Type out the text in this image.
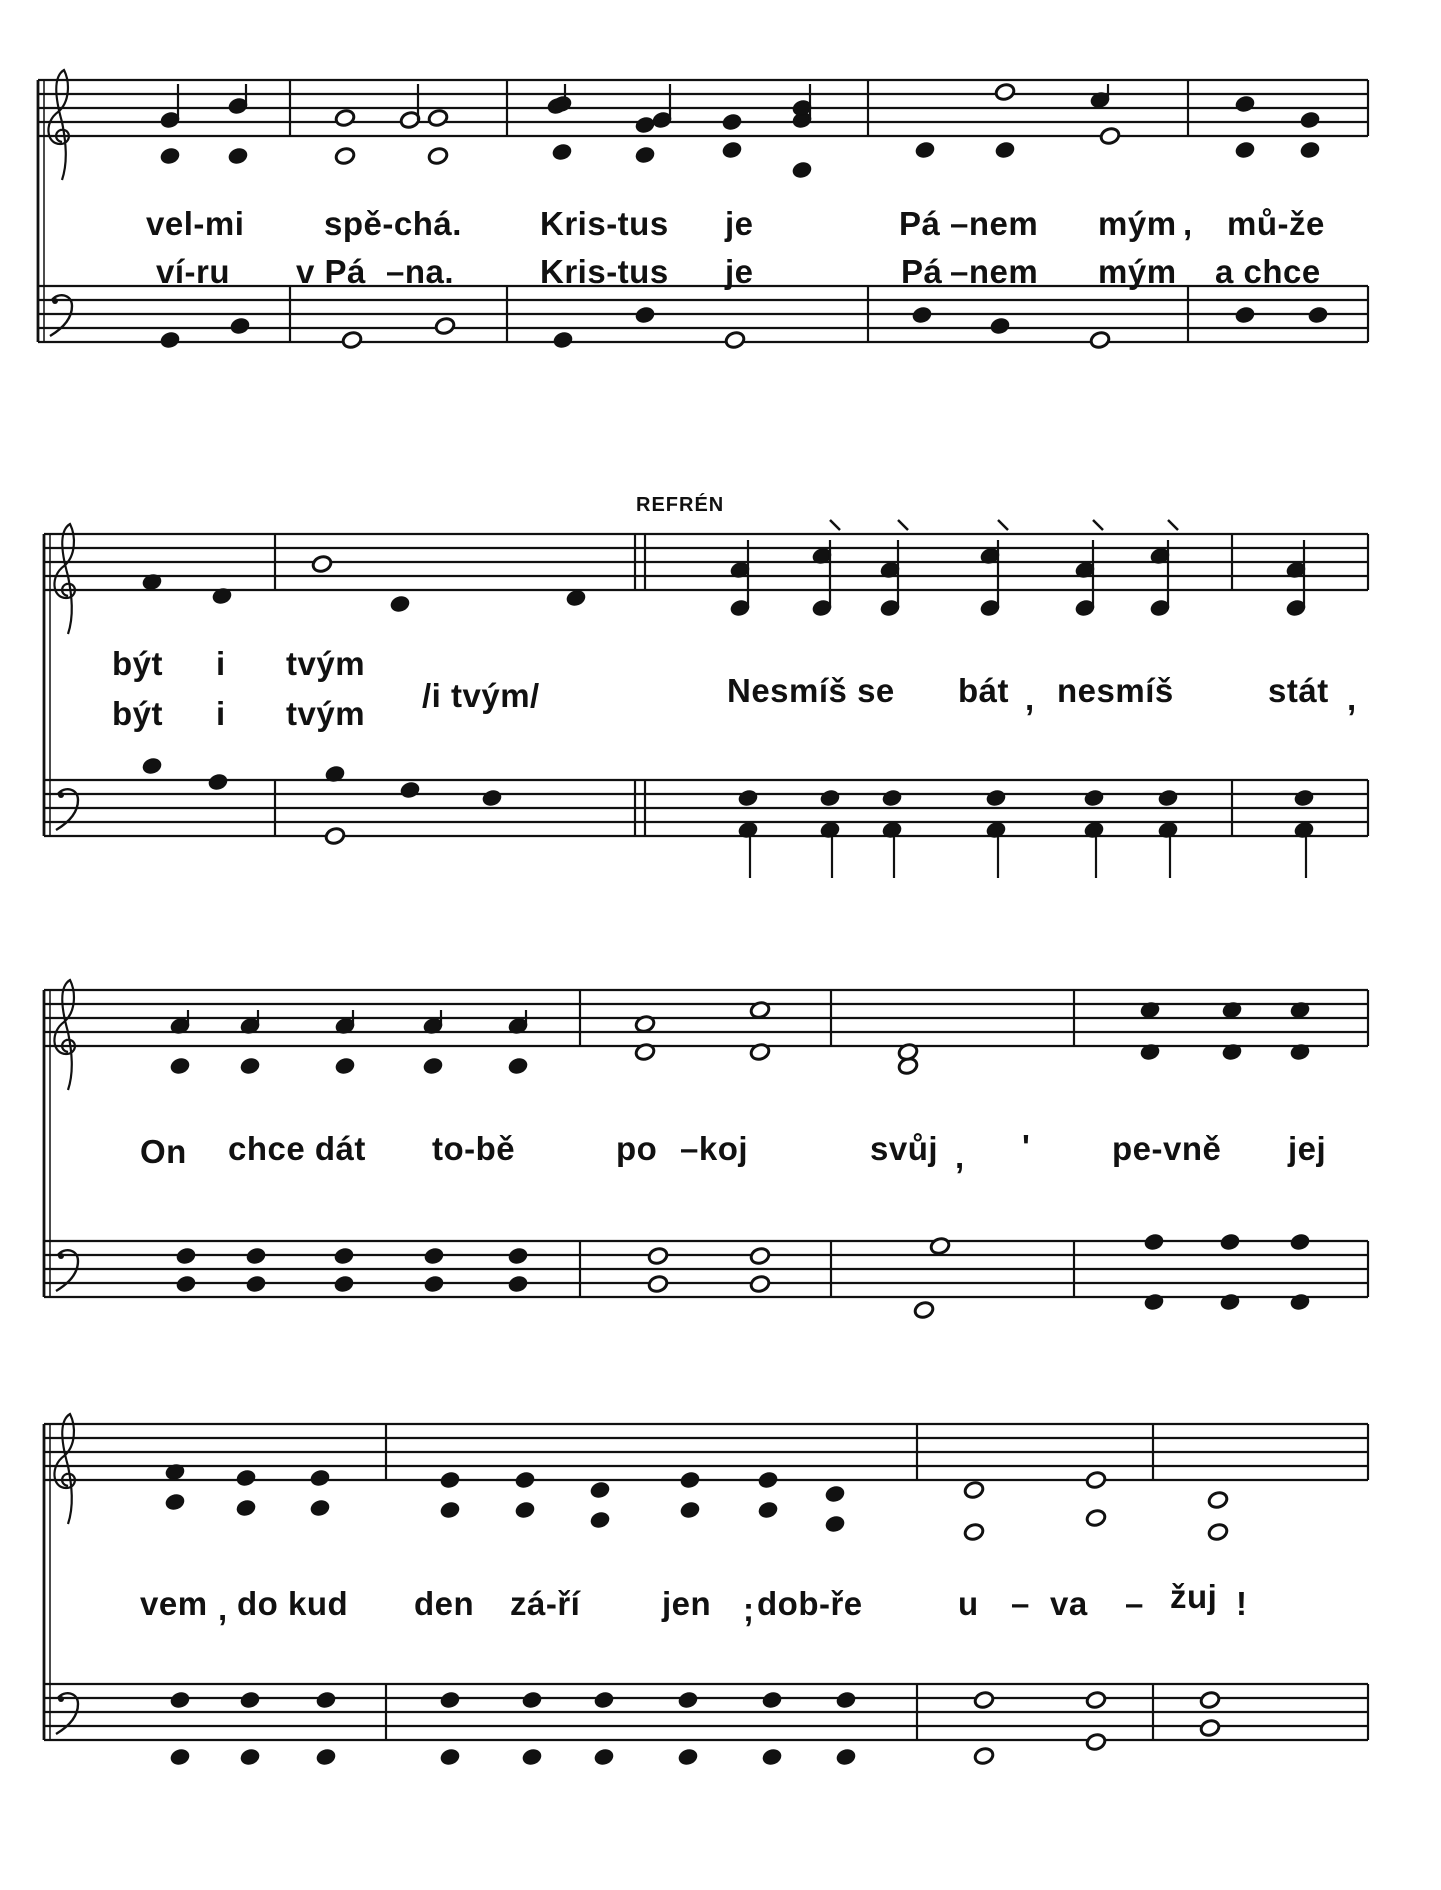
REFRÉN
vel-mi spě-chá. Kris-tus je	Pá –nem mým , mů-že
ví-ru v Pá –na.	Kris-tus je	Pá –nem mým a chce
být i tvým
Nesmíš se bát , nesmíš	stát ,
být i tvým /i tvým/
On chce dát to-bě	po –koj	svůj , ' pe-vně jej
vem , do kud den zá-ří jen ; dob-ře	u – va – žuj !
